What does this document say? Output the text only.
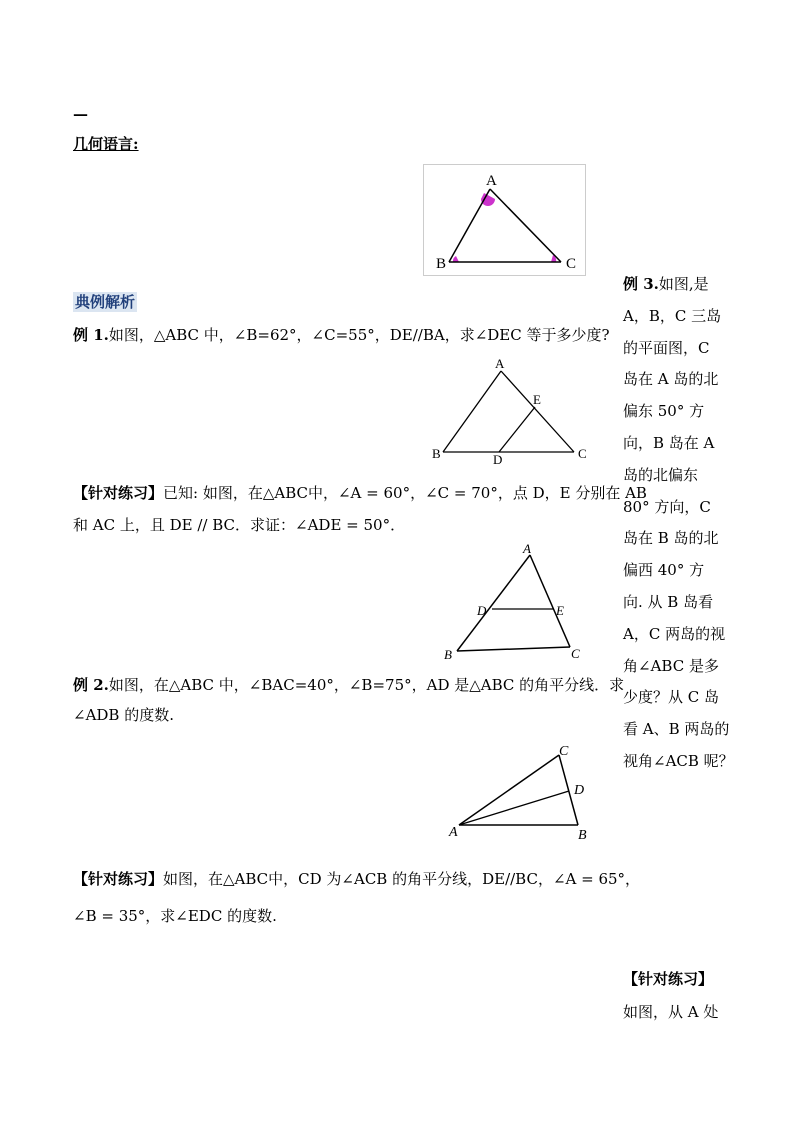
—
几何语言:
A
B	C
典例解析
例 1.如图，△ABC 中，∠B=62°，∠C=55°，DE//BA，求∠DEC 等于多少度?
A
E
B	D	C
【针对练习】已知: 如图，在△ABC中，∠A = 60°，∠C = 70°，点 D，E 分别在 AB
和 AC 上，且 DE // BC．求证：∠ADE = 50°．
A
D	E
B	C
例 2.如图，在△ABC 中，∠BAC=40°，∠B=75°，AD 是△ABC 的角平分线．求
∠ADB 的度数.
C
D
A	B
【针对练习】如图，在△ABC中，CD 为∠ACB 的角平分线，DE//BC，∠A = 65°，
∠B = 35°，求∠EDC 的度数.
例 3.如图,是
A，B，C 三岛
的平面图，C
岛在 A 岛的北
偏东 50° 方
向，B 岛在 A
岛的北偏东
80° 方向，C
岛在 B 岛的北
偏西 40° 方
向. 从 B 岛看
A，C 两岛的视
角∠ABC 是多
少度？从 C 岛
看 A、B 两岛的
视角∠ACB 呢？
【针对练习】
如图，从 A 处
